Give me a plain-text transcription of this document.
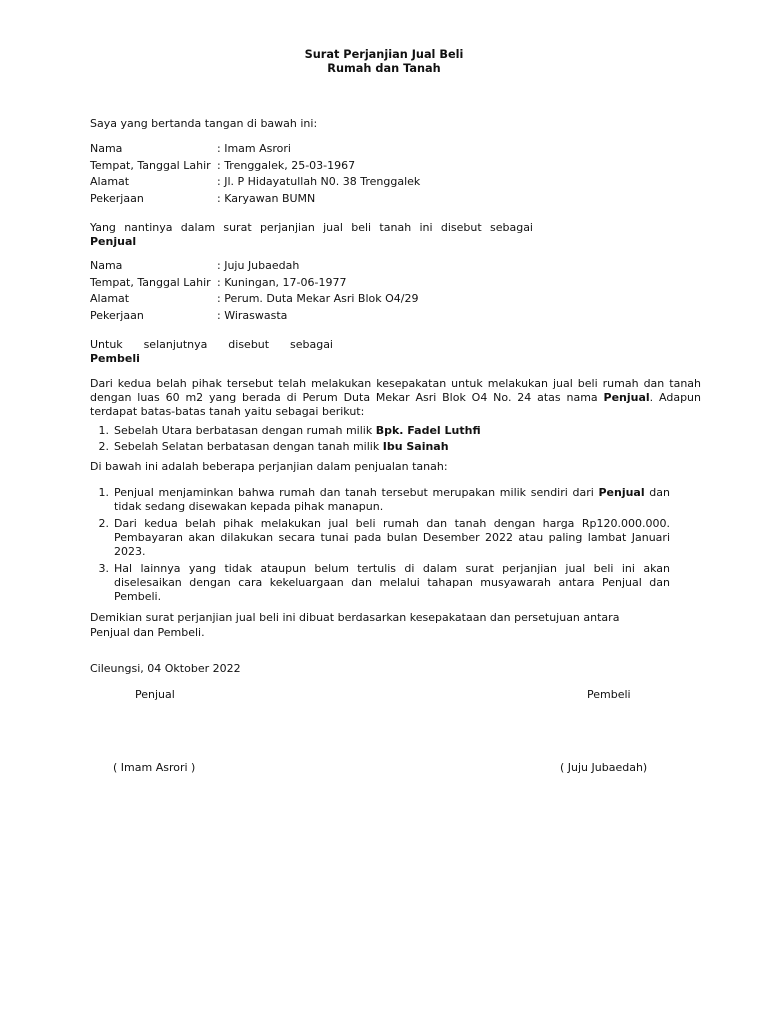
Surat Perjanjian Jual Beli
Rumah dan Tanah
Saya yang bertanda tangan di bawah ini:
Nama	: Imam Asrori
Tempat, Tanggal Lahir : Trenggalek, 25-03-1967
Alamat	: Jl. P Hidayatullah N0. 38 Trenggalek
Pekerjaan	: Karyawan BUMN
Yang nantinya dalam surat perjanjian jual beli tanah ini disebut sebagai
Penjual
Nama	: Juju Jubaedah
Tempat, Tanggal Lahir : Kuningan, 17-06-1977
Alamat	: Perum. Duta Mekar Asri Blok O4/29
Pekerjaan	: Wiraswasta
Untuk selanjutnya disebut sebagai
Pembeli
Dari kedua belah pihak tersebut telah melakukan kesepakatan untuk melakukan jual beli rumah dan tanah dengan luas 60 m2 yang berada di Perum Duta Mekar Asri Blok O4 No. 24 atas nama Penjual. Adapun terdapat batas-batas tanah yaitu sebagai berikut:
1. Sebelah Utara berbatasan dengan rumah milik Bpk. Fadel Luthfi
2. Sebelah Selatan berbatasan dengan tanah milik Ibu Sainah
Di bawah ini adalah beberapa perjanjian dalam penjualan tanah:
1. Penjual menjaminkan bahwa rumah dan tanah tersebut merupakan milik sendiri dari Penjual dan tidak sedang disewakan kepada pihak manapun.
2. Dari kedua belah pihak melakukan jual beli rumah dan tanah dengan harga Rp120.000.000. Pembayaran akan dilakukan secara tunai pada bulan Desember 2022 atau paling lambat Januari 2023.
3. Hal lainnya yang tidak ataupun belum tertulis di dalam surat perjanjian jual beli ini akan diselesaikan dengan cara kekeluargaan dan melalui tahapan musyawarah antara Penjual dan Pembeli.
Demikian surat perjanjian jual beli ini dibuat berdasarkan kesepakataan dan persetujuan antara
Penjual dan Pembeli.
Cileungsi, 04 Oktober 2022
Penjual	Pembeli
( Imam Asrori )	( Juju Jubaedah)
